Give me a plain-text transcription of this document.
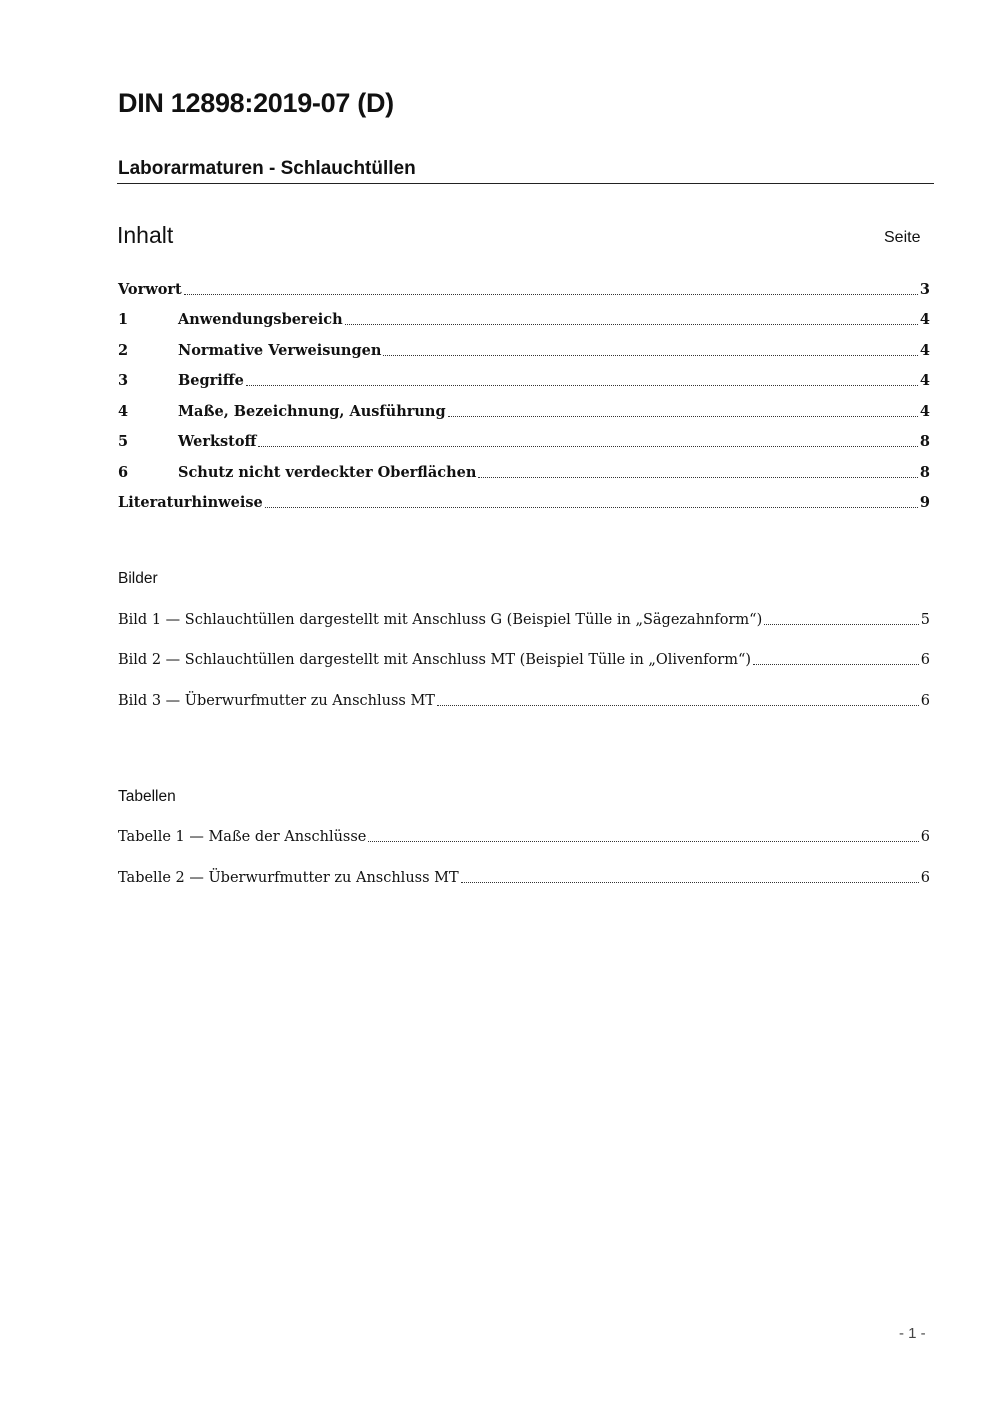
DIN 12898:2019-07 (D)
Laborarmaturen - Schlauchtüllen
Inhalt	Seite
Vorwort	3
1	Anwendungsbereich	4
2	Normative Verweisungen	4
3	Begriffe	4
4	Maße, Bezeichnung, Ausführung	4
5	Werkstoff	8
6	Schutz nicht verdeckter Oberflächen	8
Literaturhinweise	9
Bilder
Bild 1 — Schlauchtüllen dargestellt mit Anschluss G (Beispiel Tülle in „Sägezahnform“)	5
Bild 2 — Schlauchtüllen dargestellt mit Anschluss MT (Beispiel Tülle in „Olivenform“)	6
Bild 3 — Überwurfmutter zu Anschluss MT	6
Tabellen
Tabelle 1 — Maße der Anschlüsse	6
Tabelle 2 — Überwurfmutter zu Anschluss MT	6
- 1 -
